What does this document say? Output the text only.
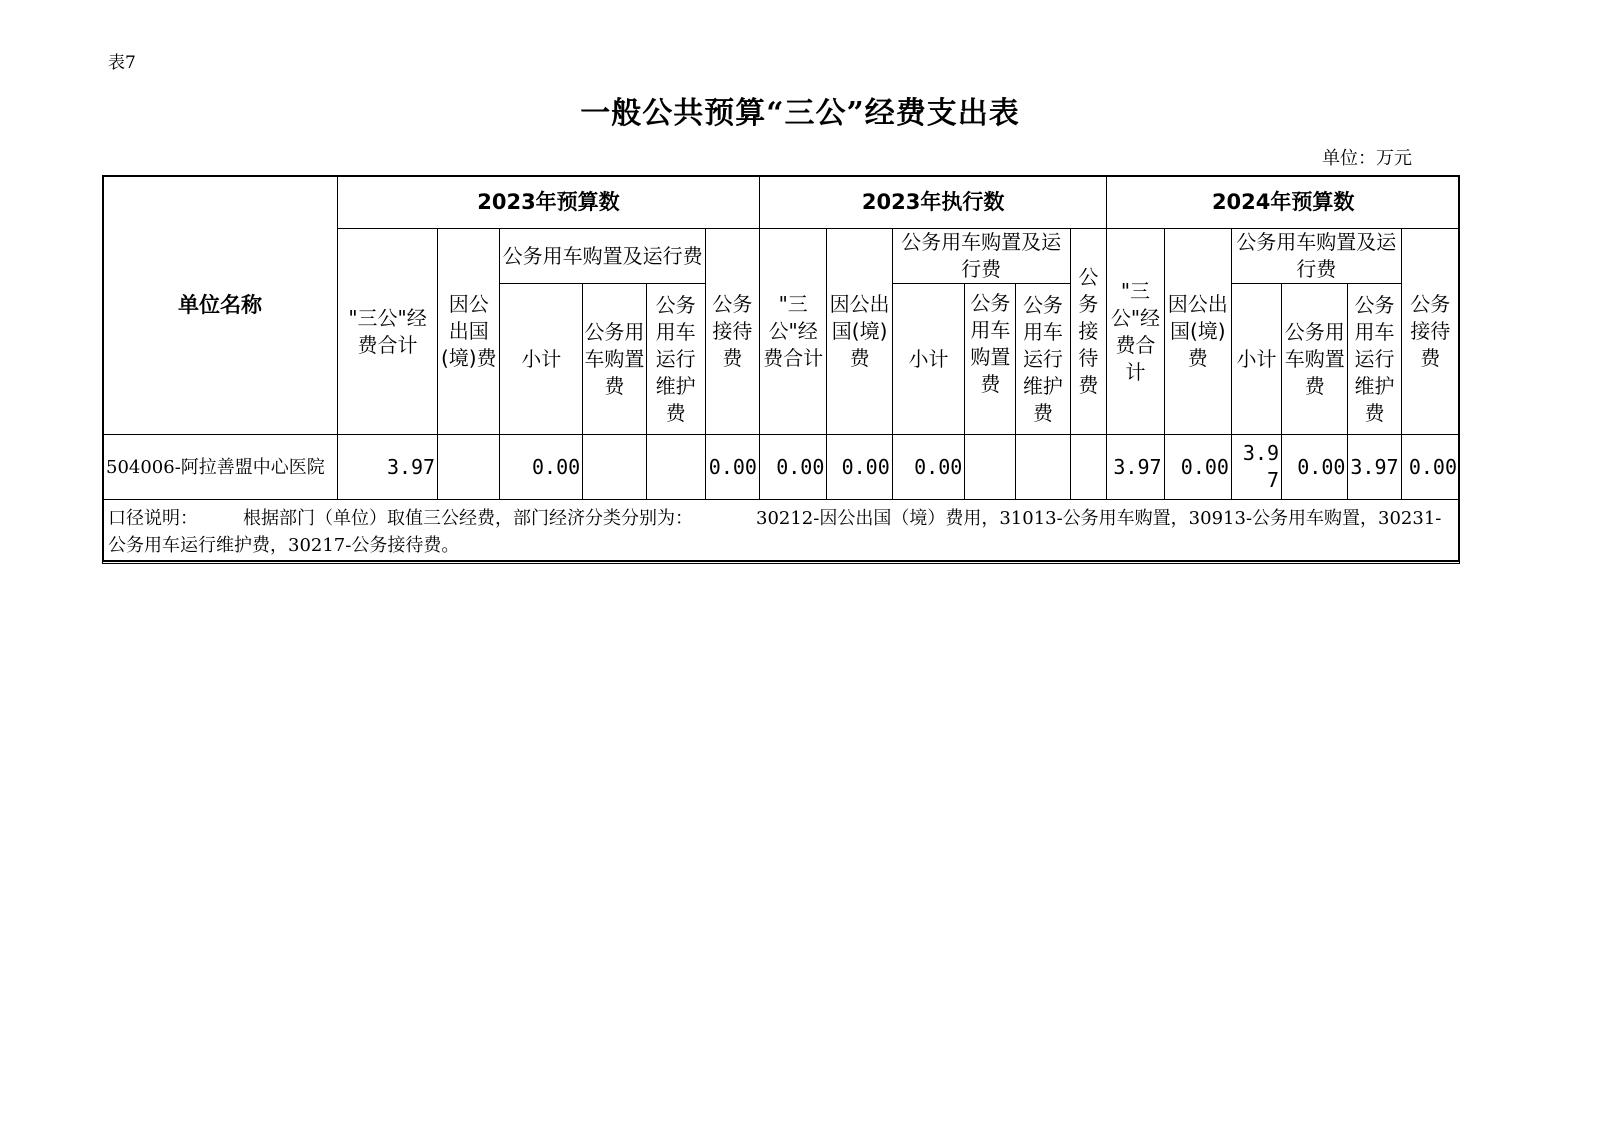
表7
一般公共预算“三公”经费支出表
单位：万元
单位名称	2023年预算数						2023年执行数						2024年预算数					
	"三公"经费合计	因公出国(境)费	公务用车购置及运行费			公务接待费	"三公"经费合计	因公出国(境)费	公务用车购置及运行费			公务接待费	"三公"经费合计	因公出国(境)费	公务用车购置及运行费			公务接待费
			小计	公务用车购置费	公务用车运行维护费				小计	公务用车购置费	公务用车运行维护费				小计	公务用车购置费	公务用车运行维护费	
504006-阿拉善盟中心医院	3.97		0.00			0.00	0.00	0.00	0.00				3.97	0.00	3.97	0.00	3.97	0.00
口径说明：　　　根据部门（单位）取值三公经费，部门经济分类分别为：　　　　30212-因公出国（境）费用，31013-公务用车购置，30913-公务用车购置，30231-公务用车运行维护费，30217-公务接待费。																		
